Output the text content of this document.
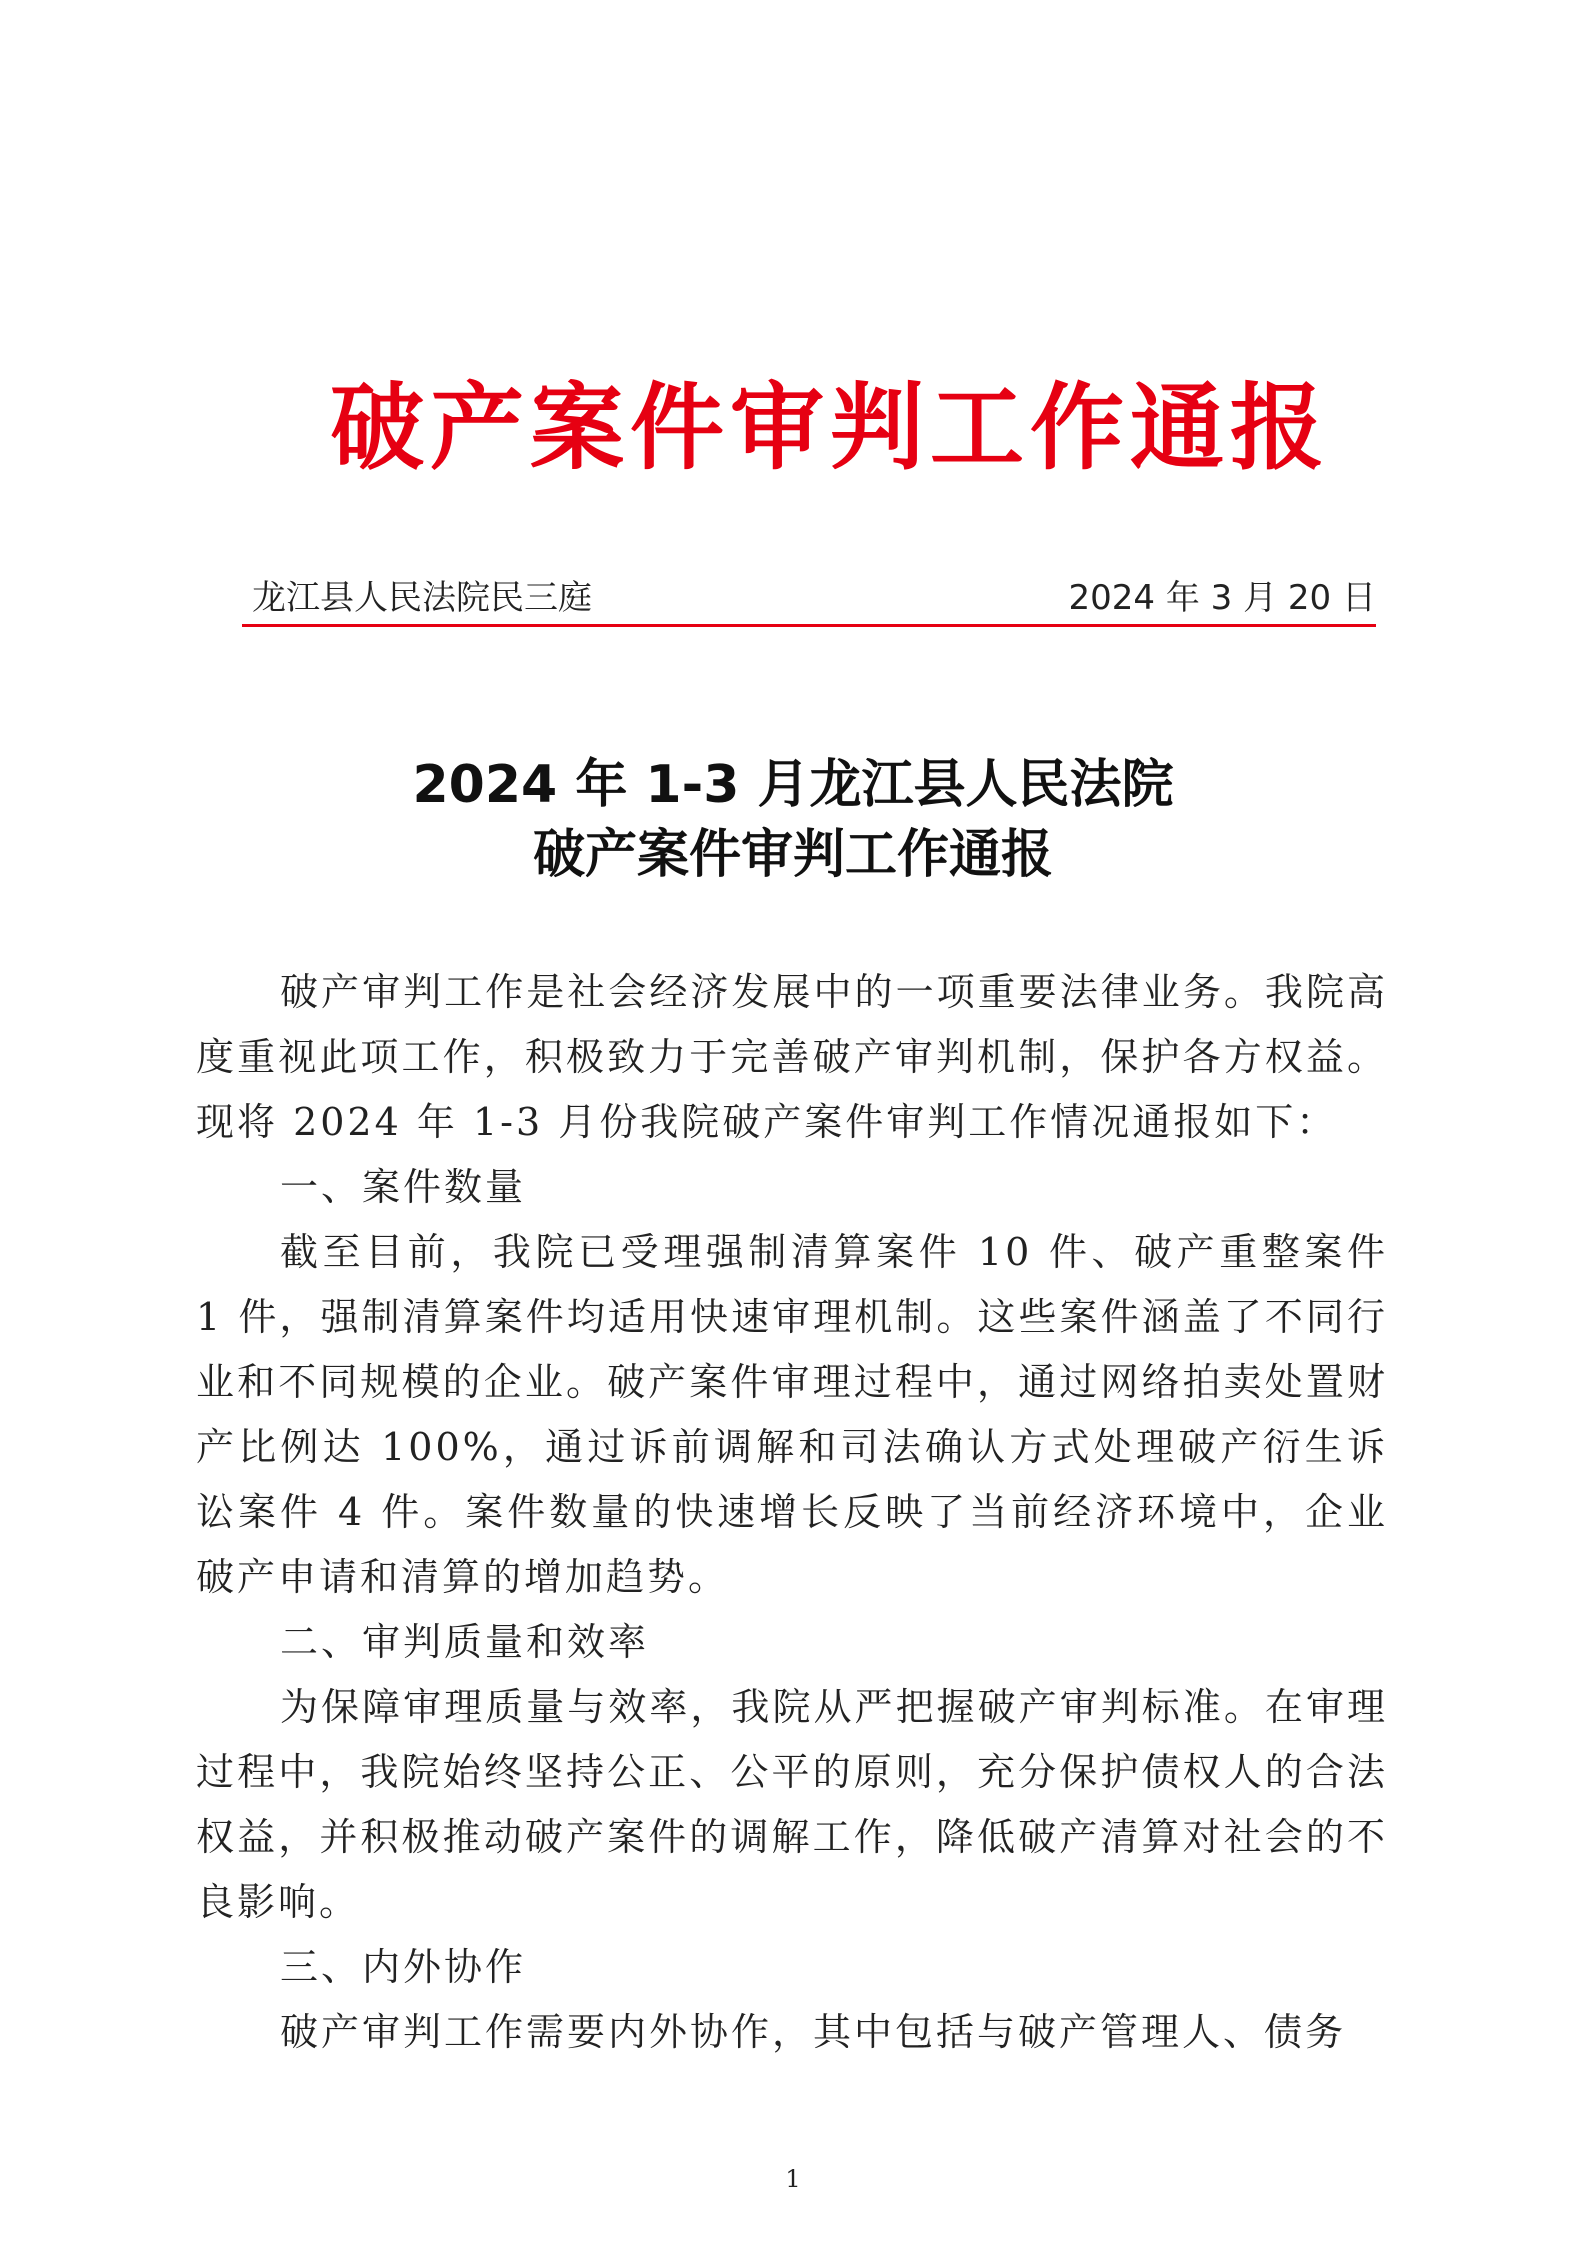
破产案件审判工作通报
龙江县人民法院民三庭	2024 年 3 月 20 日
2024 年 1-3 月龙江县人民法院
破产案件审判工作通报

破产审判工作是社会经济发展中的一项重要法律业务。我院高度重视此项工作，积极致力于完善破产审判机制，保护各方权益。现将 2024 年 1-3 月份我院破产案件审判工作情况通报如下：

一、案件数量

截至目前，我院已受理强制清算案件 10 件、破产重整案件 1 件，强制清算案件均适用快速审理机制。这些案件涵盖了不同行业和不同规模的企业。破产案件审理过程中，通过网络拍卖处置财产比例达 100%，通过诉前调解和司法确认方式处理破产衍生诉讼案件 4 件。案件数量的快速增长反映了当前经济环境中，企业破产申请和清算的增加趋势。

二、审判质量和效率

为保障审理质量与效率，我院从严把握破产审判标准。在审理过程中，我院始终坚持公正、公平的原则，充分保护债权人的合法权益，并积极推动破产案件的调解工作，降低破产清算对社会的不良影响。

三、内外协作

破产审判工作需要内外协作，其中包括与破产管理人、债务

1
